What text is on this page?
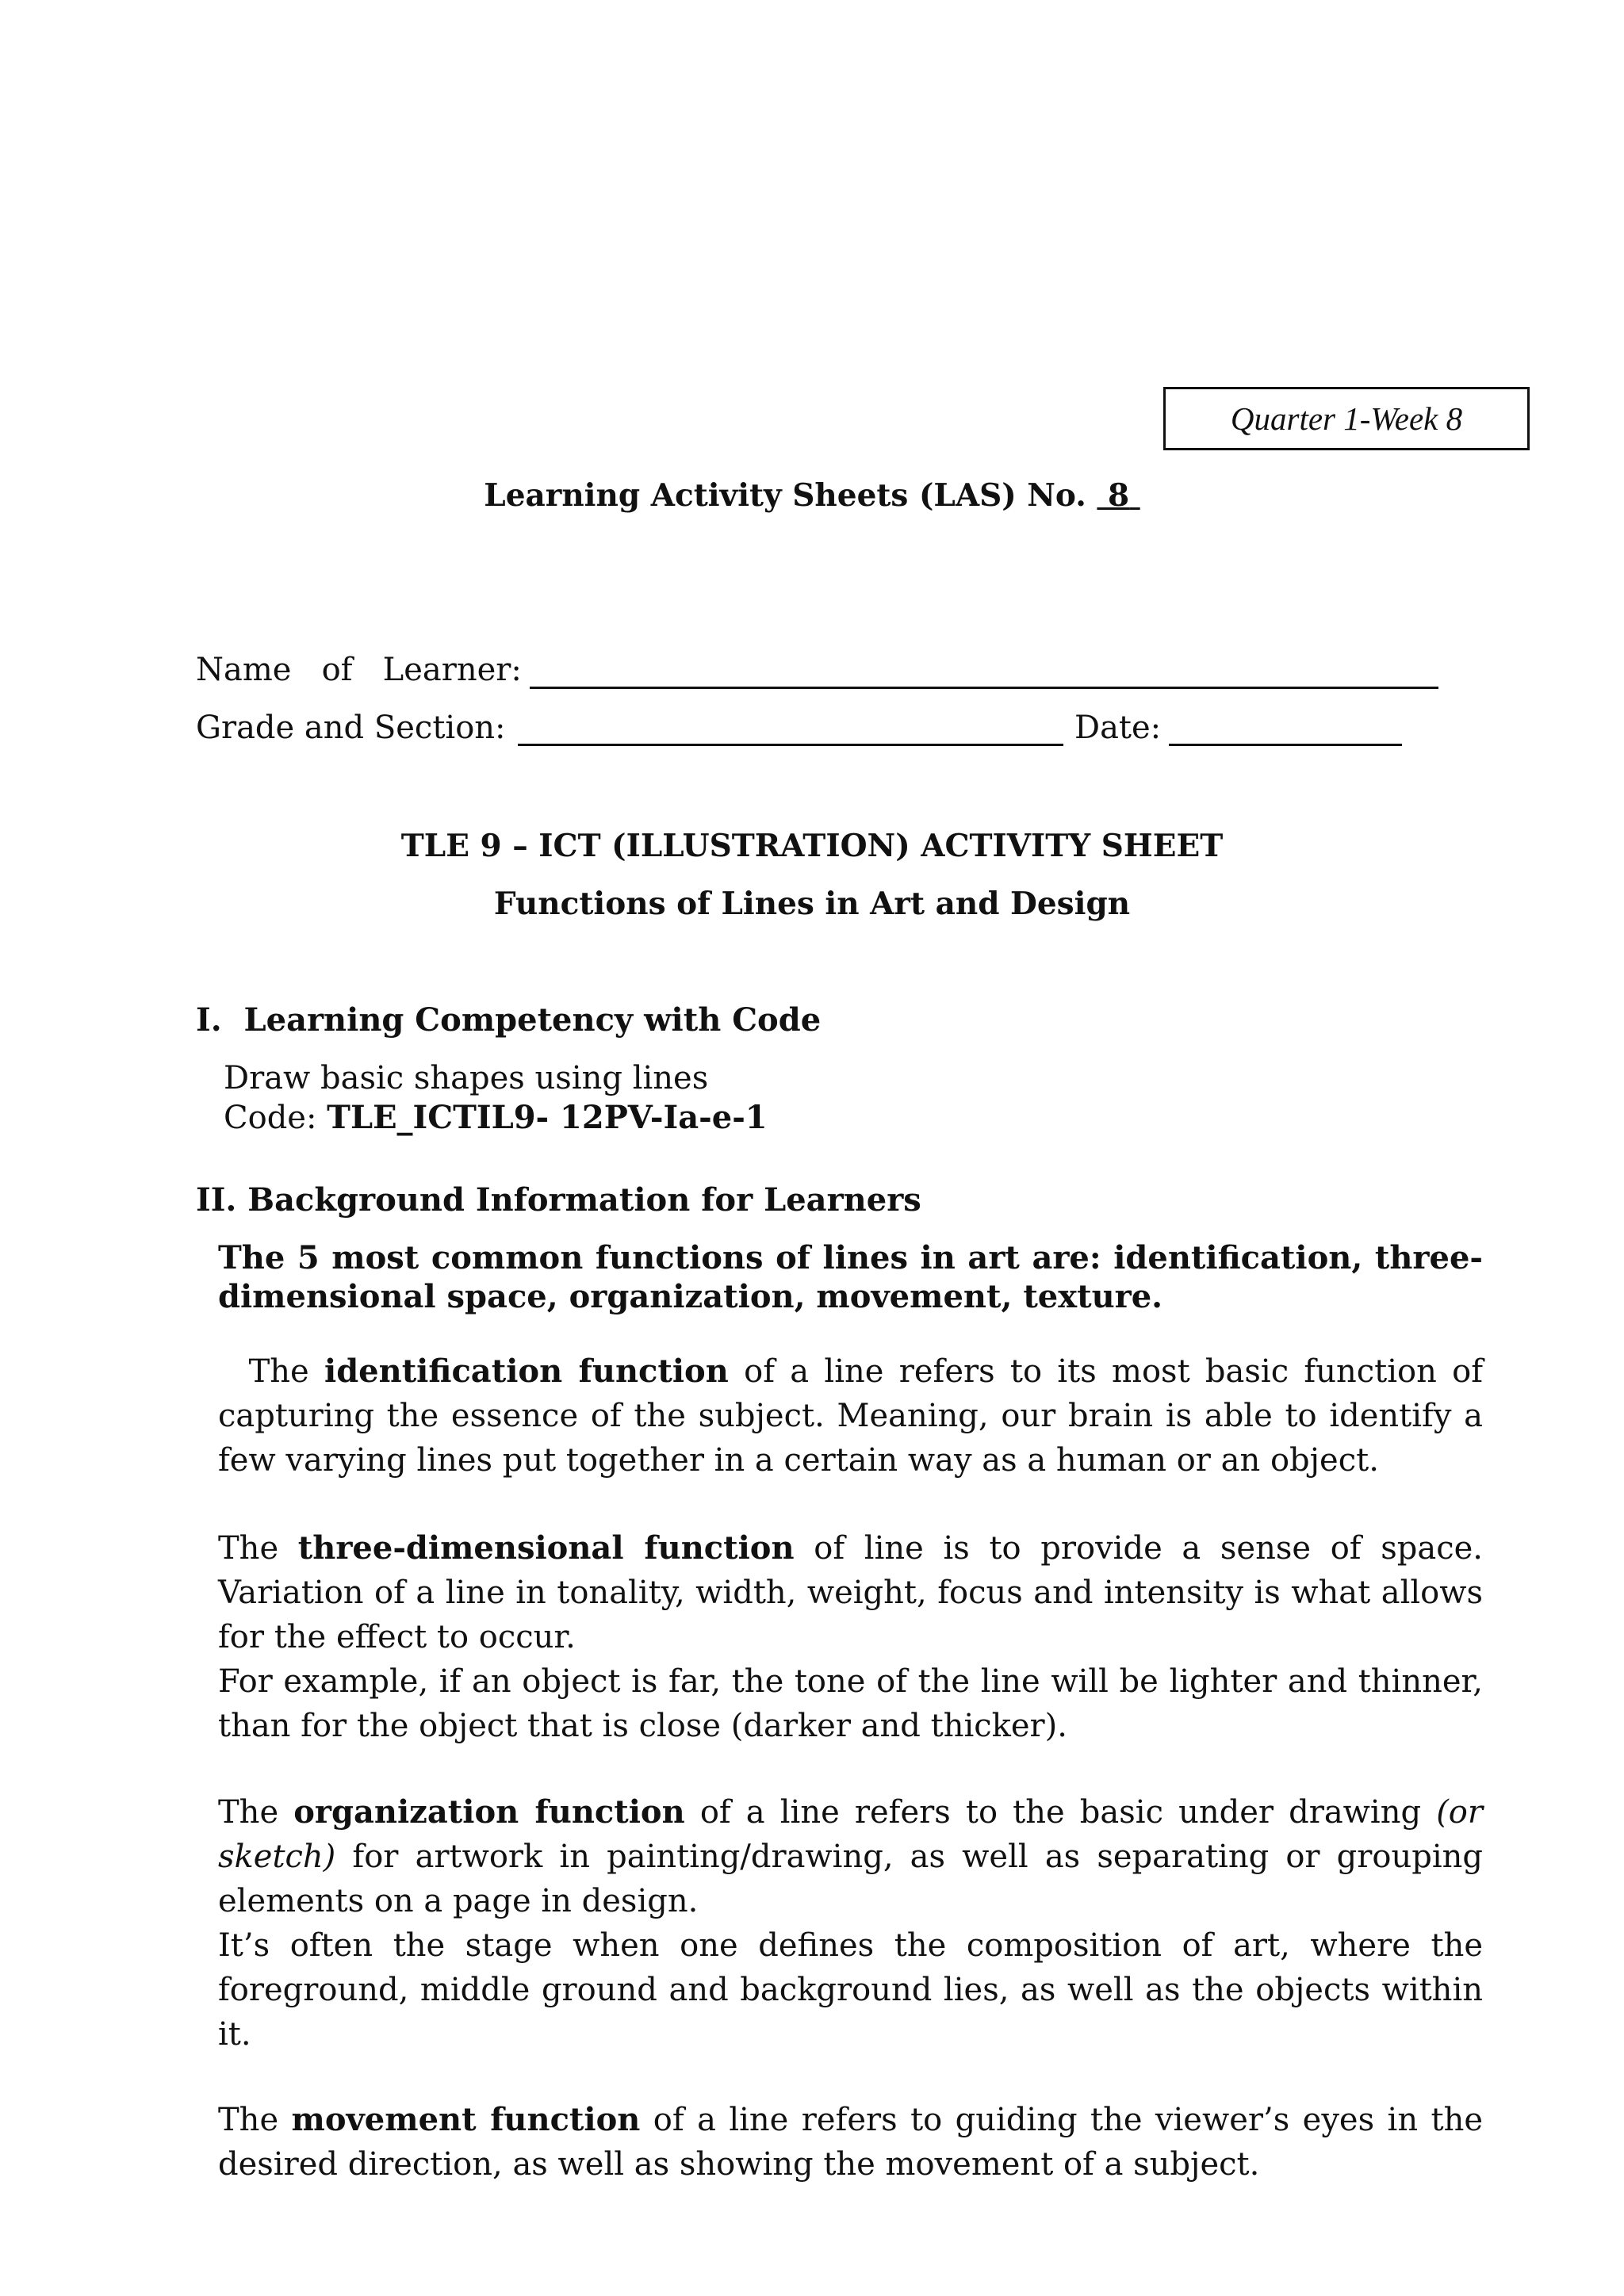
Quarter 1-Week 8
Learning Activity Sheets (LAS) No. 8
Name   of   Learner:
Grade and Section:	Date:
TLE 9 – ICT (ILLUSTRATION) ACTIVITY SHEET
Functions of Lines in Art and Design
I.  Learning Competency with Code
Draw basic shapes using lines
Code: TLE_ICTIL9- 12PV-Ia-e-1
II. Background Information for Learners
The 5 most common functions of lines in art are: identification, three-dimensional space, organization, movement, texture.

The identification function of a line refers to its most basic function of capturing the essence of the subject. Meaning, our brain is able to identify a few varying lines put together in a certain way as a human or an object.

The three-dimensional function of line is to provide a sense of space. Variation of a line in tonality, width, weight, focus and intensity is what allows for the effect to occur.

For example, if an object is far, the tone of the line will be lighter and thinner, than for the object that is close (darker and thicker).

The organization function of a line refers to the basic under drawing (or sketch) for artwork in painting/drawing, as well as separating or grouping elements on a page in design.

It’s often the stage when one defines the composition of art, where the foreground, middle ground and background lies, as well as the objects within it.

The movement function of a line refers to guiding the viewer’s eyes in the desired direction, as well as showing the movement of a subject.
